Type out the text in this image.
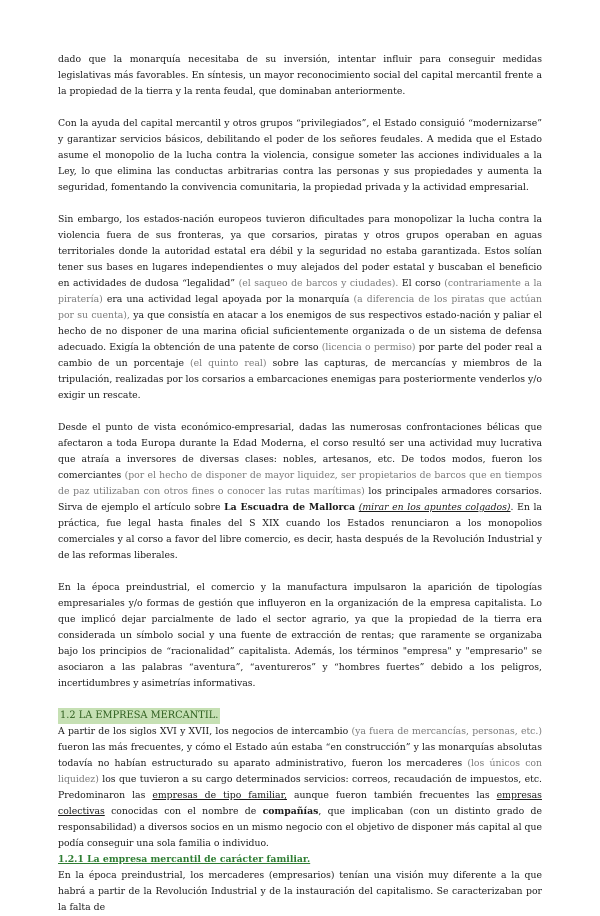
dado que la monarquía necesitaba de su inversión, intentar influir para conseguir medidas legislativas más favorables. En síntesis, un mayor reconocimiento social del capital mercantil frente a la propiedad de la tierra y la renta feudal, que dominaban anteriormente.

Con la ayuda del capital mercantil y otros grupos “privilegiados”, el Estado consiguió “modernizarse” y garantizar servicios básicos, debilitando el poder de los señores feudales. A medida que el Estado asume el monopolio de la lucha contra la violencia, consigue someter las acciones individuales a la Ley, lo que elimina las conductas arbitrarias contra las personas y sus propiedades y aumenta la seguridad, fomentando la convivencia comunitaria, la propiedad privada y la actividad empresarial.

Sin embargo, los estados-nación europeos tuvieron dificultades para monopolizar la lucha contra la violencia fuera de sus fronteras, ya que corsarios, piratas y otros grupos operaban en aguas territoriales donde la autoridad estatal era débil y la seguridad no estaba garantizada. Estos solían tener sus bases en lugares independientes o muy alejados del poder estatal y buscaban el beneficio en actividades de dudosa “legalidad” (el saqueo de barcos y ciudades). El corso (contrariamente a la piratería) era una actividad legal apoyada por la monarquía (a diferencia de los piratas que actúan por su cuenta), ya que consistía en atacar a los enemigos de sus respectivos estado-nación y paliar el hecho de no disponer de una marina oficial suficientemente organizada o de un sistema de defensa adecuado. Exigía la obtención de una patente de corso (licencia o permiso) por parte del poder real a cambio de un porcentaje (el quinto real) sobre las capturas, de mercancías y miembros de la tripulación, realizadas por los corsarios a embarcaciones enemigas para posteriormente venderlos y/o exigir un rescate.

Desde el punto de vista económico-empresarial, dadas las numerosas confrontaciones bélicas que afectaron a toda Europa durante la Edad Moderna, el corso resultó ser una actividad muy lucrativa que atraía a inversores de diversas clases: nobles, artesanos, etc. De todos modos, fueron los comerciantes (por el hecho de disponer de mayor liquidez, ser propietarios de barcos que en tiempos de paz utilizaban con otros fines o conocer las rutas marítimas) los principales armadores corsarios. Sirva de ejemplo el artículo sobre La Escuadra de Mallorca (mirar en los apuntes colgados). En la práctica, fue legal hasta finales del S XIX cuando los Estados renunciaron a los monopolios comerciales y al corso a favor del libre comercio, es decir, hasta después de la Revolución Industrial y de las reformas liberales.

En la época preindustrial, el comercio y la manufactura impulsaron la aparición de tipologías empresariales y/o formas de gestión que influyeron en la organización de la empresa capitalista. Lo que implicó dejar parcialmente de lado el sector agrario, ya que la propiedad de la tierra era considerada un símbolo social y una fuente de extracción de rentas; que raramente se organizaba bajo los principios de “racionalidad” capitalista. Además, los términos "empresa" y "empresario" se asociaron a las palabras “aventura”, “aventureros” y “hombres fuertes” debido a los peligros, incertidumbres y asimetrías informativas.

1.2 LA EMPRESA MERCANTIL.

A partir de los siglos XVI y XVII, los negocios de intercambio (ya fuera de mercancías, personas, etc.) fueron las más frecuentes, y cómo el Estado aún estaba “en construcción” y las monarquías absolutas todavía no habían estructurado su aparato administrativo, fueron los mercaderes (los únicos con liquidez) los que tuvieron a su cargo determinados servicios: correos, recaudación de impuestos, etc. Predominaron las empresas de tipo familiar, aunque fueron también frecuentes las empresas colectivas conocidas con el nombre de compañías, que implicaban (con un distinto grado de responsabilidad) a diversos socios en un mismo negocio con el objetivo de disponer más capital al que podía conseguir una sola familia o individuo.

1.2.1 La empresa mercantil de carácter familiar.

En la época preindustrial, los mercaderes (empresarios) tenían una visión muy diferente a la que habrá a partir de la Revolución Industrial y de la instauración del capitalismo. Se caracterizaban por la falta de
